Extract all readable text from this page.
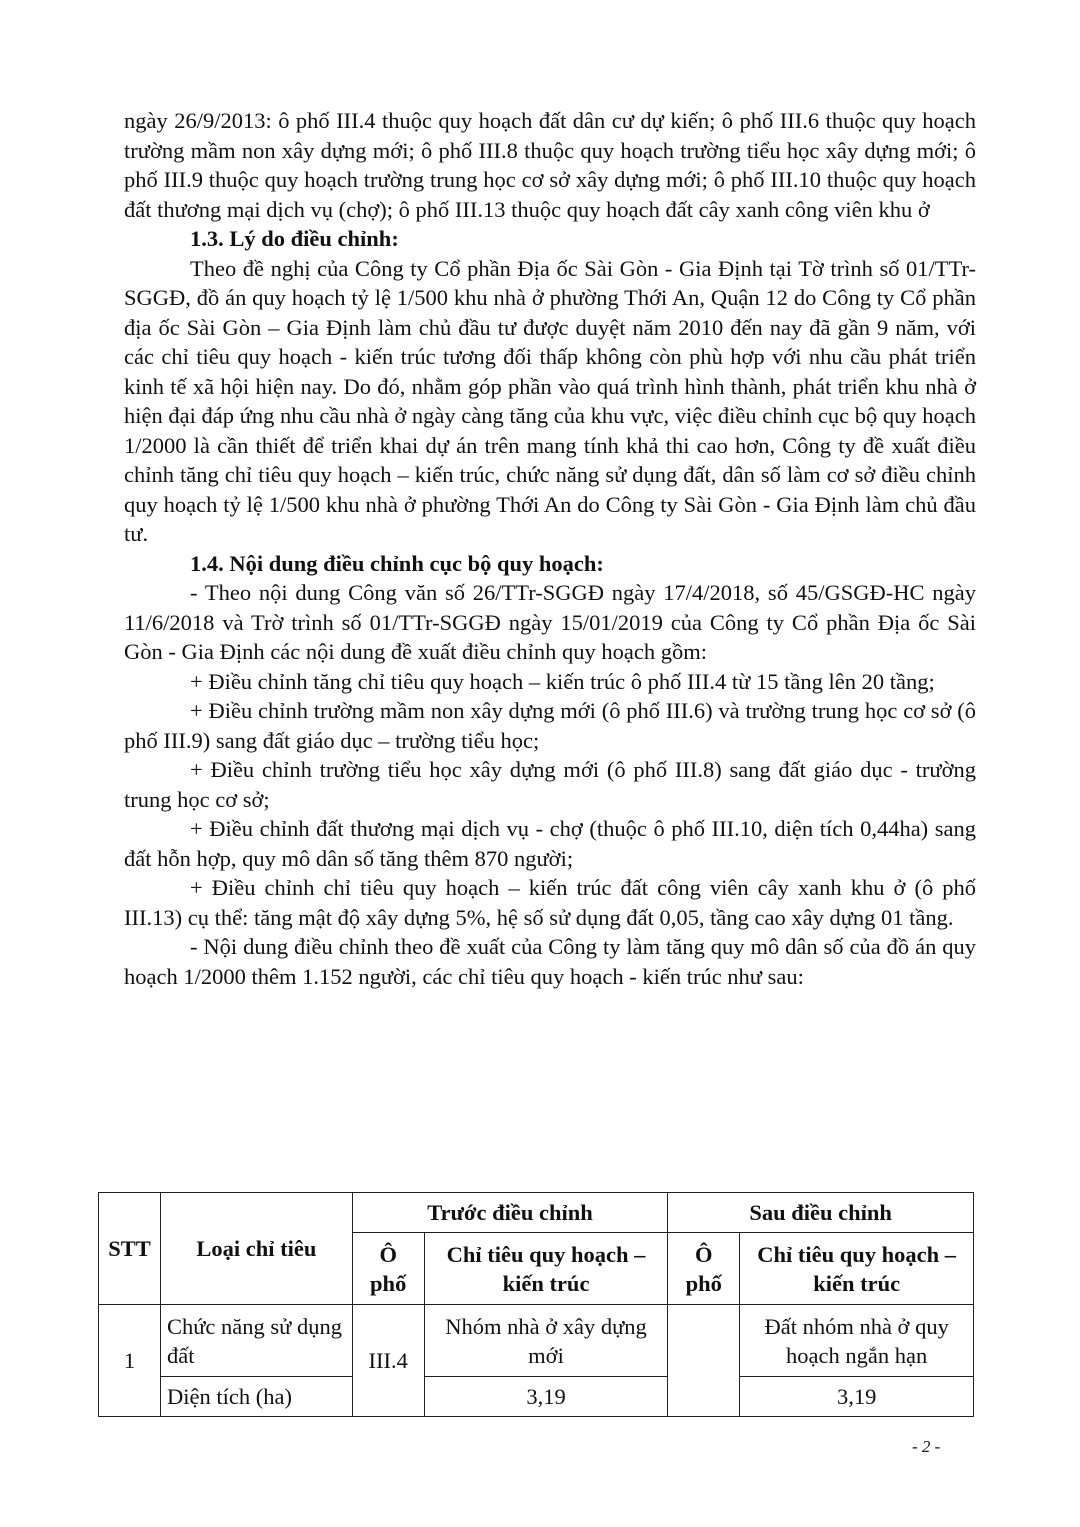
ngày 26/9/2013: ô phố III.4 thuộc quy hoạch đất dân cư dự kiến; ô phố III.6 thuộc quy hoạch trường mầm non xây dựng mới; ô phố III.8 thuộc quy hoạch trường tiểu học xây dựng mới; ô phố III.9 thuộc quy hoạch trường trung học cơ sở xây dựng mới; ô phố III.10 thuộc quy hoạch đất thương mại dịch vụ (chợ); ô phố III.13 thuộc quy hoạch đất cây xanh công viên khu ở

1.3. Lý do điều chỉnh:

Theo đề nghị của Công ty Cổ phần Địa ốc Sài Gòn - Gia Định tại Tờ trình số 01/TTr-SGGĐ, đồ án quy hoạch tỷ lệ 1/500 khu nhà ở phường Thới An, Quận 12 do Công ty Cổ phần địa ốc Sài Gòn – Gia Định làm chủ đầu tư được duyệt năm 2010 đến nay đã gần 9 năm, với các chỉ tiêu quy hoạch - kiến trúc tương đối thấp không còn phù hợp với nhu cầu phát triển kinh tế xã hội hiện nay. Do đó, nhằm góp phần vào quá trình hình thành, phát triển khu nhà ở hiện đại đáp ứng nhu cầu nhà ở ngày càng tăng của khu vực, việc điều chỉnh cục bộ quy hoạch 1/2000 là cần thiết để triển khai dự án trên mang tính khả thi cao hơn, Công ty đề xuất điều chỉnh tăng chỉ tiêu quy hoạch – kiến trúc, chức năng sử dụng đất, dân số làm cơ sở điều chỉnh quy hoạch tỷ lệ 1/500 khu nhà ở phường Thới An do Công ty Sài Gòn - Gia Định làm chủ đầu tư.

1.4. Nội dung điều chỉnh cục bộ quy hoạch:

- Theo nội dung Công văn số 26/TTr-SGGĐ ngày 17/4/2018, số 45/GSGĐ-HC ngày 11/6/2018 và Trờ trình số 01/TTr-SGGĐ ngày 15/01/2019 của Công ty Cổ phần Địa ốc Sài Gòn - Gia Định các nội dung đề xuất điều chỉnh quy hoạch gồm:

+ Điều chỉnh tăng chỉ tiêu quy hoạch – kiến trúc ô phố III.4 từ 15 tầng lên 20 tầng;

+ Điều chỉnh trường mầm non xây dựng mới (ô phố III.6) và trường trung học cơ sở (ô phố III.9) sang đất giáo dục – trường tiểu học;

+ Điều chỉnh trường tiểu học xây dựng mới (ô phố III.8) sang đất giáo dục - trường trung học cơ sở;

+ Điều chỉnh đất thương mại dịch vụ - chợ (thuộc ô phố III.10, diện tích 0,44ha) sang đất hỗn hợp, quy mô dân số tăng thêm 870 người;

+ Điều chỉnh chỉ tiêu quy hoạch – kiến trúc đất công viên cây xanh khu ở (ô phố III.13) cụ thể: tăng mật độ xây dựng 5%, hệ số sử dụng đất 0,05, tầng cao xây dựng 01 tầng.

- Nội dung điều chỉnh theo đề xuất của Công ty làm tăng quy mô dân số của đồ án quy hoạch 1/2000 thêm 1.152 người, các chỉ tiêu quy hoạch - kiến trúc như sau:

STT	Loại chỉ tiêu	Trước điều chỉnh		Sau điều chỉnh	
		Ô phố	Chỉ tiêu quy hoạch – kiến trúc	Ô phố	Chỉ tiêu quy hoạch – kiến trúc
1	Chức năng sử dụng đất	III.4	Nhóm nhà ở xây dựng mới		Đất nhóm nhà ở quy hoạch ngắn hạn
	Diện tích (ha)		3,19		3,19
- 2 -
